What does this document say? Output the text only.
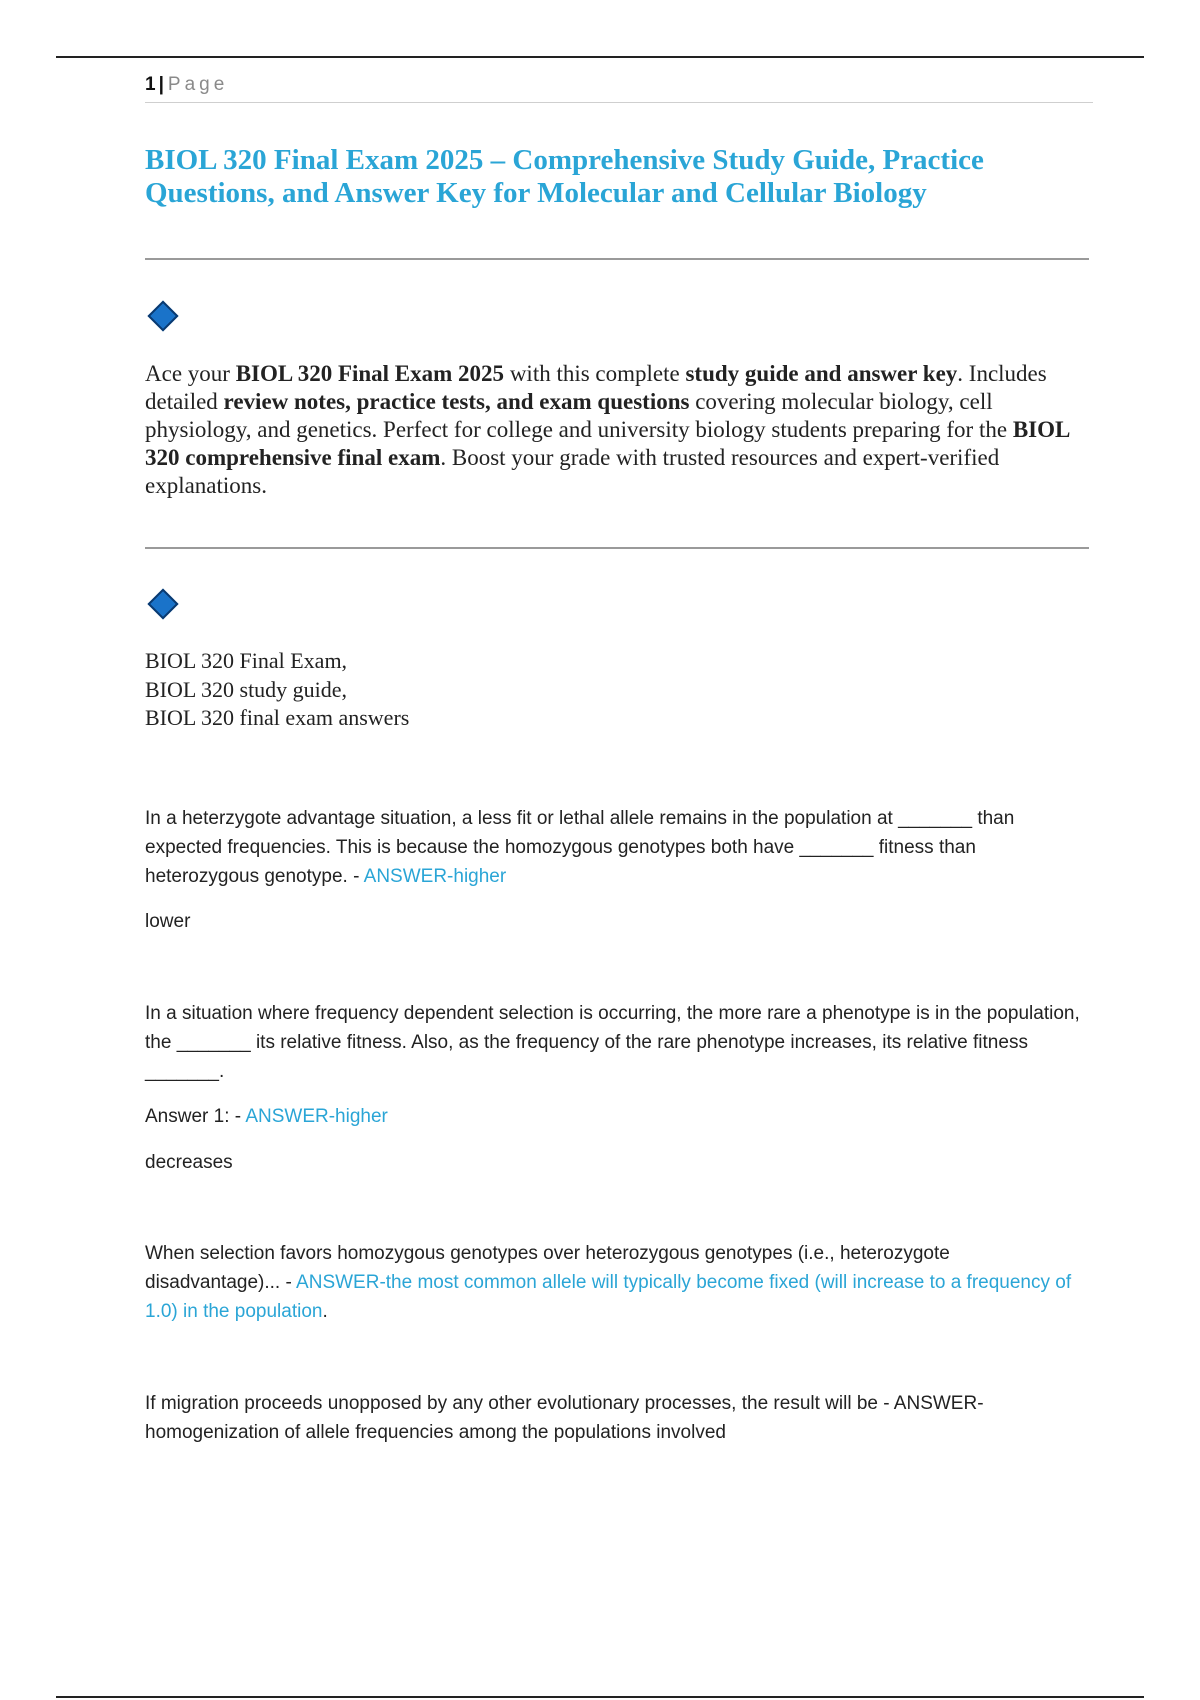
1 | Page
BIOL 320 Final Exam 2025 – Comprehensive Study Guide, Practice Questions, and Answer Key for Molecular and Cellular Biology

Ace your BIOL 320 Final Exam 2025 with this complete study guide and answer key. Includes detailed review notes, practice tests, and exam questions covering molecular biology, cell physiology, and genetics. Perfect for college and university biology students preparing for the BIOL 320 comprehensive final exam. Boost your grade with trusted resources and expert-verified explanations.

BIOL 320 Final Exam,
BIOL 320 study guide,
BIOL 320 final exam answers

In a heterzygote advantage situation, a less fit or lethal allele remains in the population at _______ than expected frequencies. This is because the homozygous genotypes both have _______ fitness than heterozygous genotype. - ANSWER-higher

lower

In a situation where frequency dependent selection is occurring, the more rare a phenotype is in the population, the _______ its relative fitness. Also, as the frequency of the rare phenotype increases, its relative fitness _______.

Answer 1: - ANSWER-higher

decreases

When selection favors homozygous genotypes over heterozygous genotypes (i.e., heterozygote disadvantage)... - ANSWER-the most common allele will typically become fixed (will increase to a frequency of 1.0) in the population.

If migration proceeds unopposed by any other evolutionary processes, the result will be - ANSWER-homogenization of allele frequencies among the populations involved
